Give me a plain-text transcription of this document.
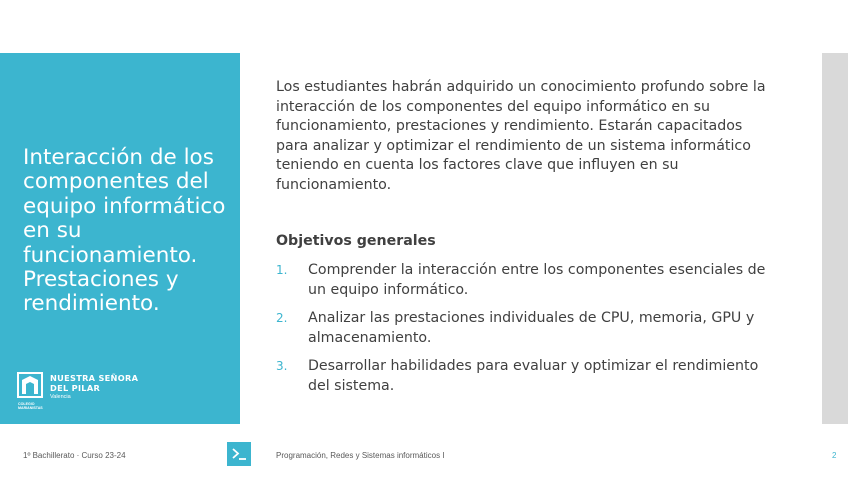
Interacción de los componentes del equipo informático en su funcionamiento. Prestaciones y rendimiento.
NUESTRA SEÑORA
DEL PILAR
Valencia
COLEGIO
MARIANISTAS

Los estudiantes habrán adquirido un conocimiento profundo sobre la interacción de los componentes del equipo informático en su funcionamiento, prestaciones y rendimiento. Estarán capacitados para analizar y optimizar el rendimiento de un sistema informático teniendo en cuenta los factores clave que influyen en su funcionamiento.

Objetivos generales
1. Comprender la interacción entre los componentes esenciales de un equipo informático.
2. Analizar las prestaciones individuales de CPU, memoria, GPU y almacenamiento.
3. Desarrollar habilidades para evaluar y optimizar el rendimiento del sistema.
1º Bachillerato · Curso 23-24	Programación, Redes y Sistemas informáticos I	2
